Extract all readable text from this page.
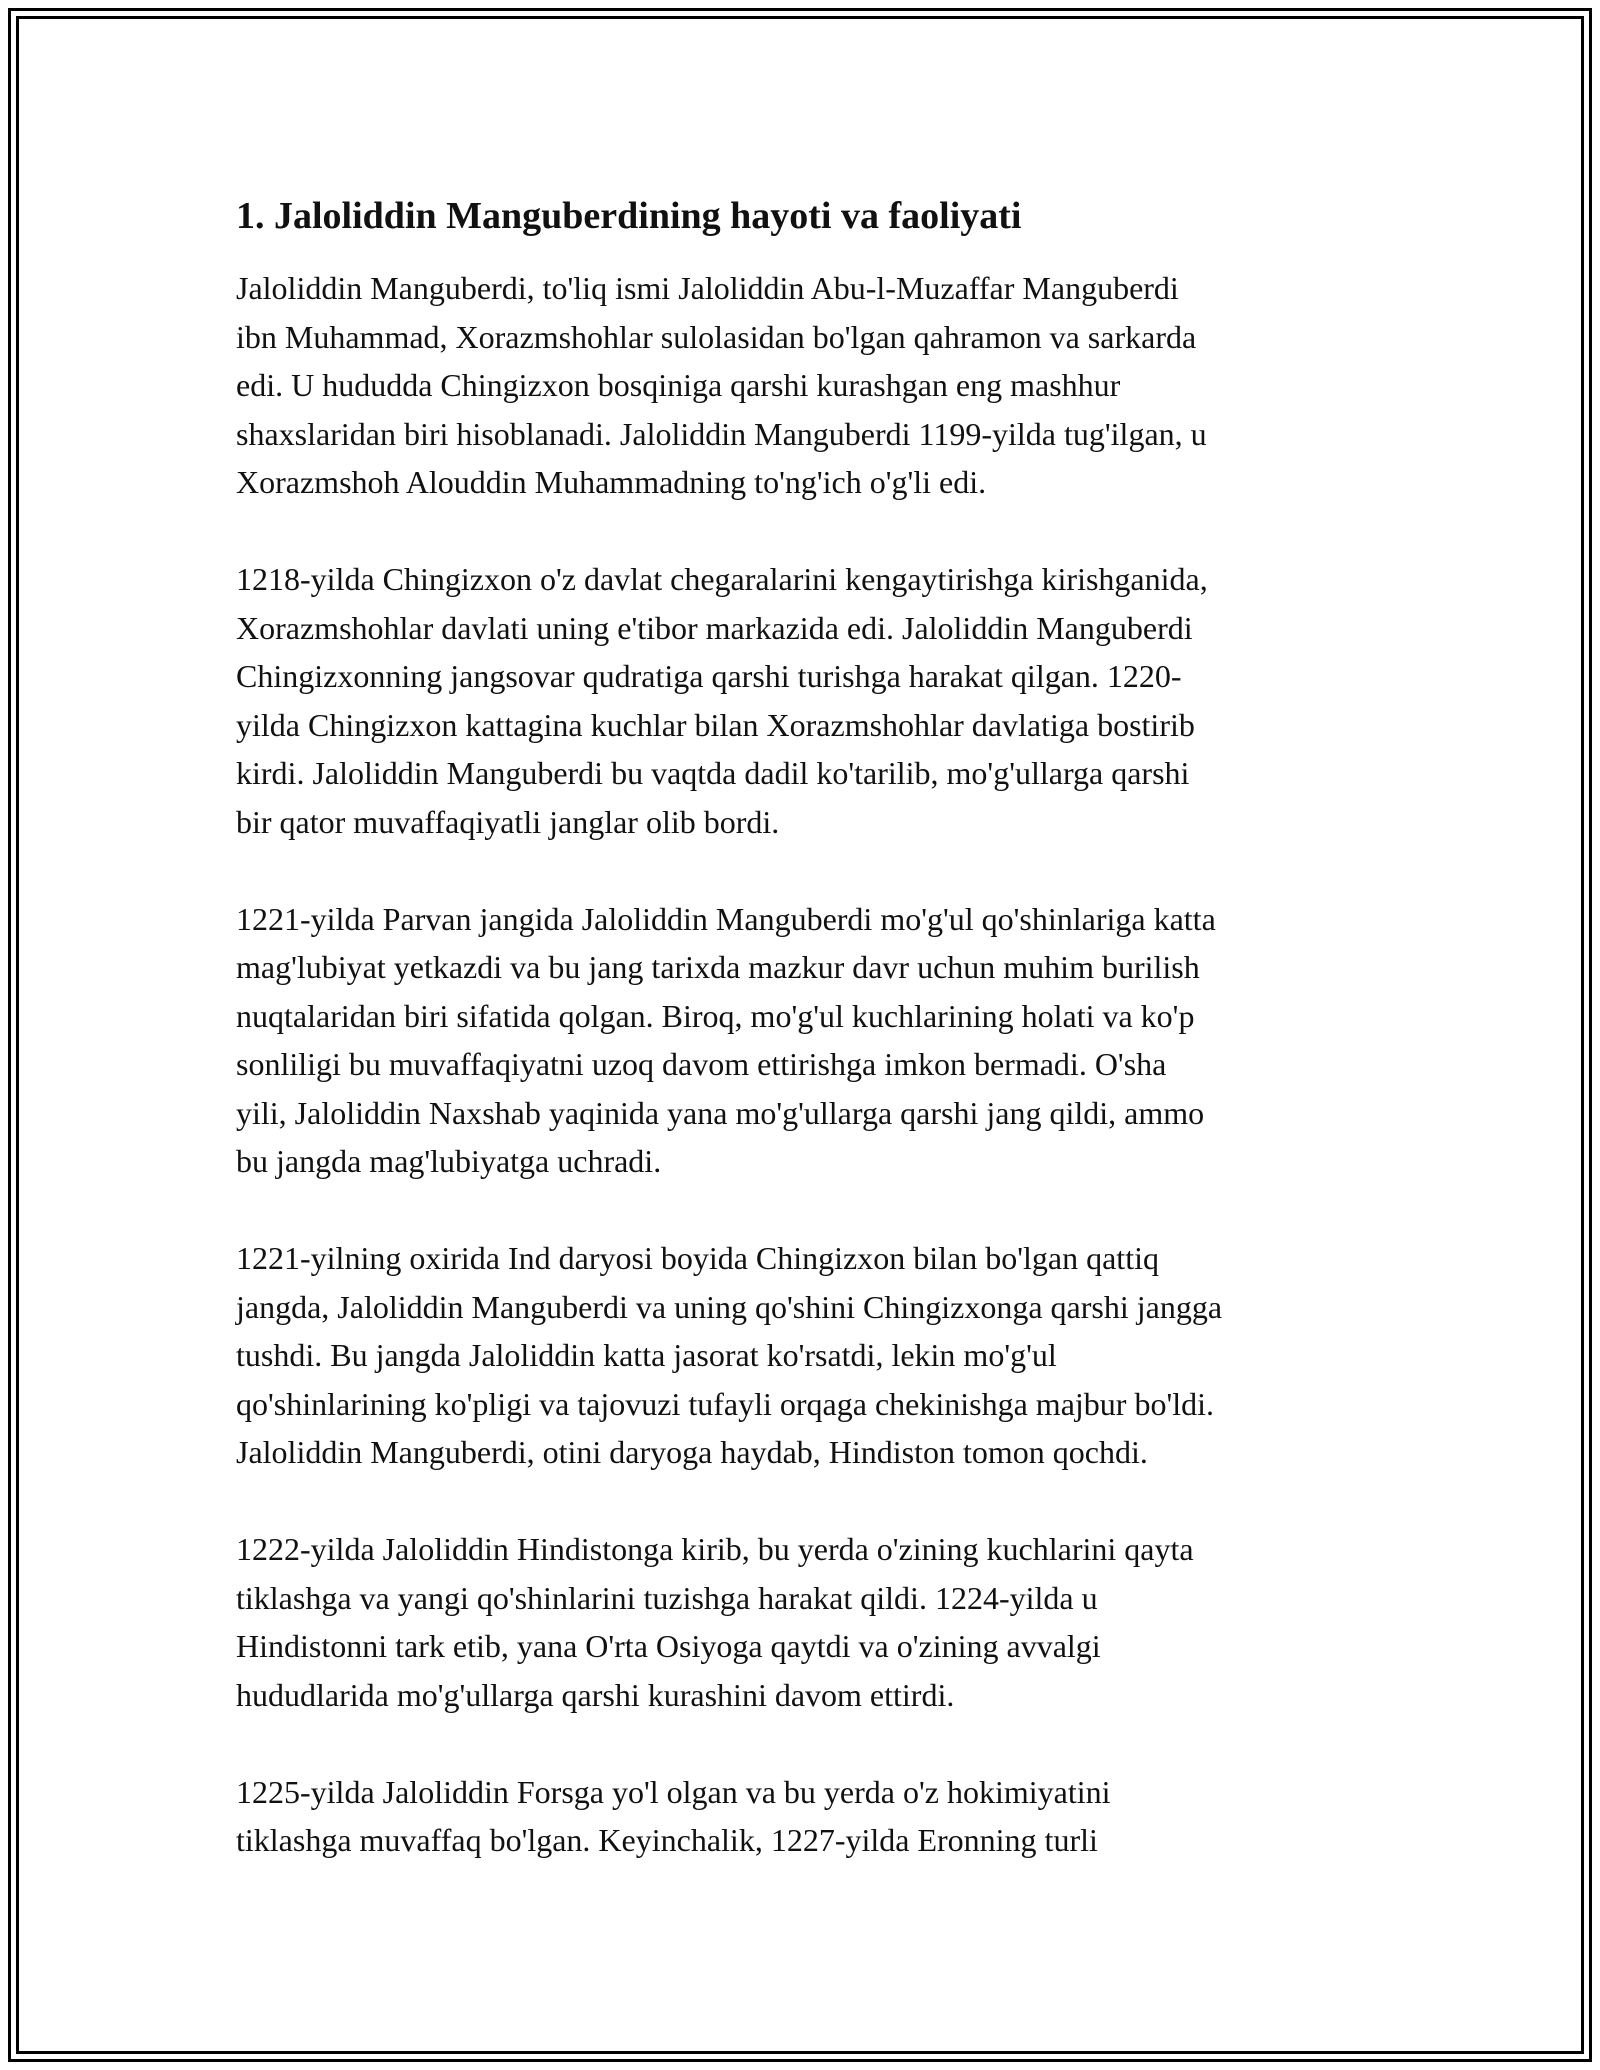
1. Jaloliddin Manguberdining hayoti va faoliyati

Jaloliddin Manguberdi, to'liq ismi Jaloliddin Abu-l-Muzaffar Manguberdi
ibn Muhammad, Xorazmshohlar sulolasidan bo'lgan qahramon va sarkarda
edi. U hududda Chingizxon bosqiniga qarshi kurashgan eng mashhur
shaxslaridan biri hisoblanadi. Jaloliddin Manguberdi 1199-yilda tug'ilgan, u
Xorazmshoh Alouddin Muhammadning to'ng'ich o'g'li edi.

1218-yilda Chingizxon o'z davlat chegaralarini kengaytirishga kirishganida,
Xorazmshohlar davlati uning e'tibor markazida edi. Jaloliddin Manguberdi
Chingizxonning jangsovar qudratiga qarshi turishga harakat qilgan. 1220-
yilda Chingizxon kattagina kuchlar bilan Xorazmshohlar davlatiga bostirib
kirdi. Jaloliddin Manguberdi bu vaqtda dadil ko'tarilib, mo'g'ullarga qarshi
bir qator muvaffaqiyatli janglar olib bordi.

1221-yilda Parvan jangida Jaloliddin Manguberdi mo'g'ul qo'shinlariga katta
mag'lubiyat yetkazdi va bu jang tarixda mazkur davr uchun muhim burilish
nuqtalaridan biri sifatida qolgan. Biroq, mo'g'ul kuchlarining holati va ko'p
sonliligi bu muvaffaqiyatni uzoq davom ettirishga imkon bermadi. O'sha
yili, Jaloliddin Naxshab yaqinida yana mo'g'ullarga qarshi jang qildi, ammo
bu jangda mag'lubiyatga uchradi.

1221-yilning oxirida Ind daryosi boyida Chingizxon bilan bo'lgan qattiq
jangda, Jaloliddin Manguberdi va uning qo'shini Chingizxonga qarshi jangga
tushdi. Bu jangda Jaloliddin katta jasorat ko'rsatdi, lekin mo'g'ul
qo'shinlarining ko'pligi va tajovuzi tufayli orqaga chekinishga majbur bo'ldi.
Jaloliddin Manguberdi, otini daryoga haydab, Hindiston tomon qochdi.

1222-yilda Jaloliddin Hindistonga kirib, bu yerda o'zining kuchlarini qayta
tiklashga va yangi qo'shinlarini tuzishga harakat qildi. 1224-yilda u
Hindistonni tark etib, yana O'rta Osiyoga qaytdi va o'zining avvalgi
hududlarida mo'g'ullarga qarshi kurashini davom ettirdi.

1225-yilda Jaloliddin Forsga yo'l olgan va bu yerda o'z hokimiyatini
tiklashga muvaffaq bo'lgan. Keyinchalik, 1227-yilda Eronning turli
